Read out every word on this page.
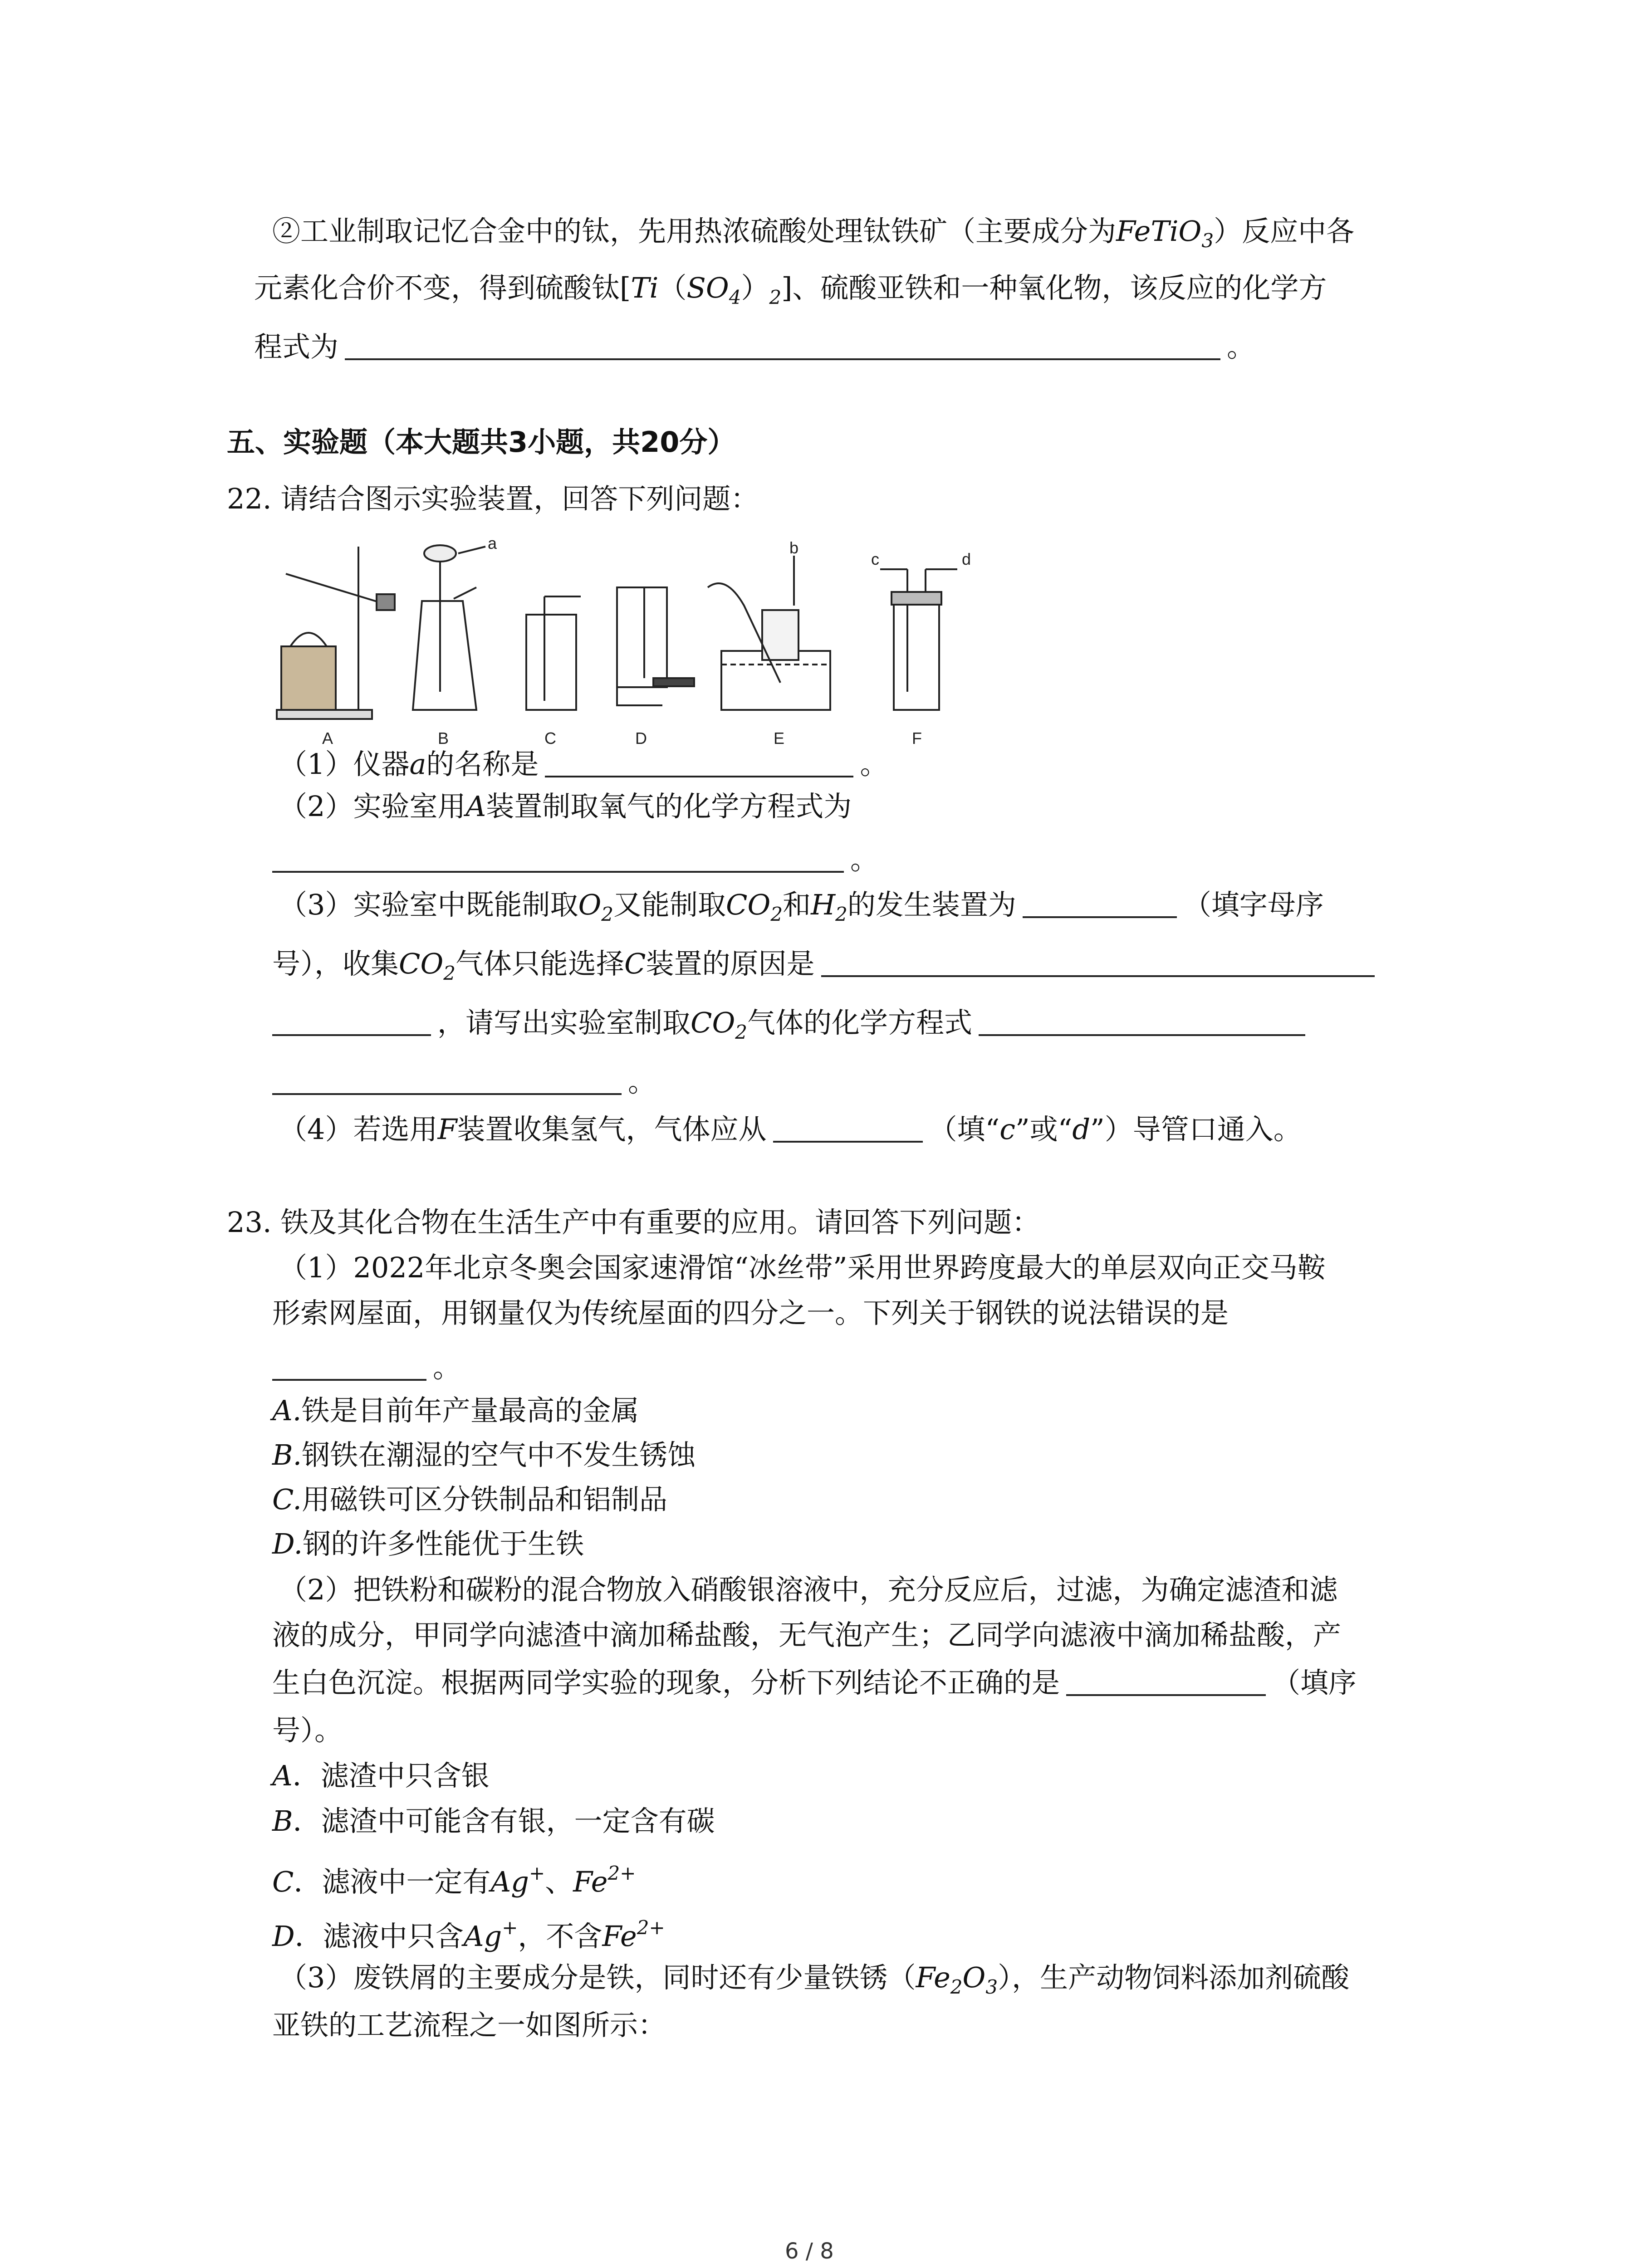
②工业制取记忆合金中的钛，先用热浓硫酸处理钛铁矿（主要成分为FeTiO$_3$）反应中各
元素化合价不变，得到硫酸钛$[Ti(SO_4)_2]$、硫酸亚铁和一种氧化物，该反应的化学方
程式为	。
五、实验题（本大题共3小题，共20分）
22. 请结合图示实验装置，回答下列问题：
A	B	C	D	E	F
a	b
c	d
（1）仪器a的名称是	。
（2）实验室用A装置制取氧气的化学方程式为
。
（3）实验室中既能制取$O_2$又能制取$CO_2$和$H_2$的发生装置为	（填字母序
号），收集$CO_2$气体只能选择C装置的原因是
，请写出实验室制取$CO_2$气体的化学方程式
。
（4）若选用F装置收集氢气，气体应从	（填“c”或“d”）导管口通入。
23. 铁及其化合物在生活生产中有重要的应用。请回答下列问题：
（1）2022年北京冬奥会国家速滑馆“冰丝带”采用世界跨度最大的单层双向正交马鞍
形索网屋面，用钢量仅为传统屋面的四分之一。下列关于钢铁的说法错误的是
。
A.铁是目前年产量最高的金属
B.钢铁在潮湿的空气中不发生锈蚀
C.用磁铁可区分铁制品和铝制品
D.钢的许多性能优于生铁
（2）把铁粉和碳粉的混合物放入硝酸银溶液中，充分反应后，过滤，为确定滤渣和滤
液的成分，甲同学向滤渣中滴加稀盐酸，无气泡产生；乙同学向滤液中滴加稀盐酸，产
生白色沉淀。根据两同学实验的现象，分析下列结论不正确的是	（填序
号）。
A．滤渣中只含银
B．滤渣中可能含有银，一定含有碳
C．滤液中一定有Ag+、$Fe^{2+}$
D．滤液中只含Ag+，不含$Fe^{2+}$
（3）废铁屑的主要成分是铁，同时还有少量铁锈$(Fe_2O_3)$，生产动物饲料添加剂硫酸
亚铁的工艺流程之一如图所示：
6 / 8
